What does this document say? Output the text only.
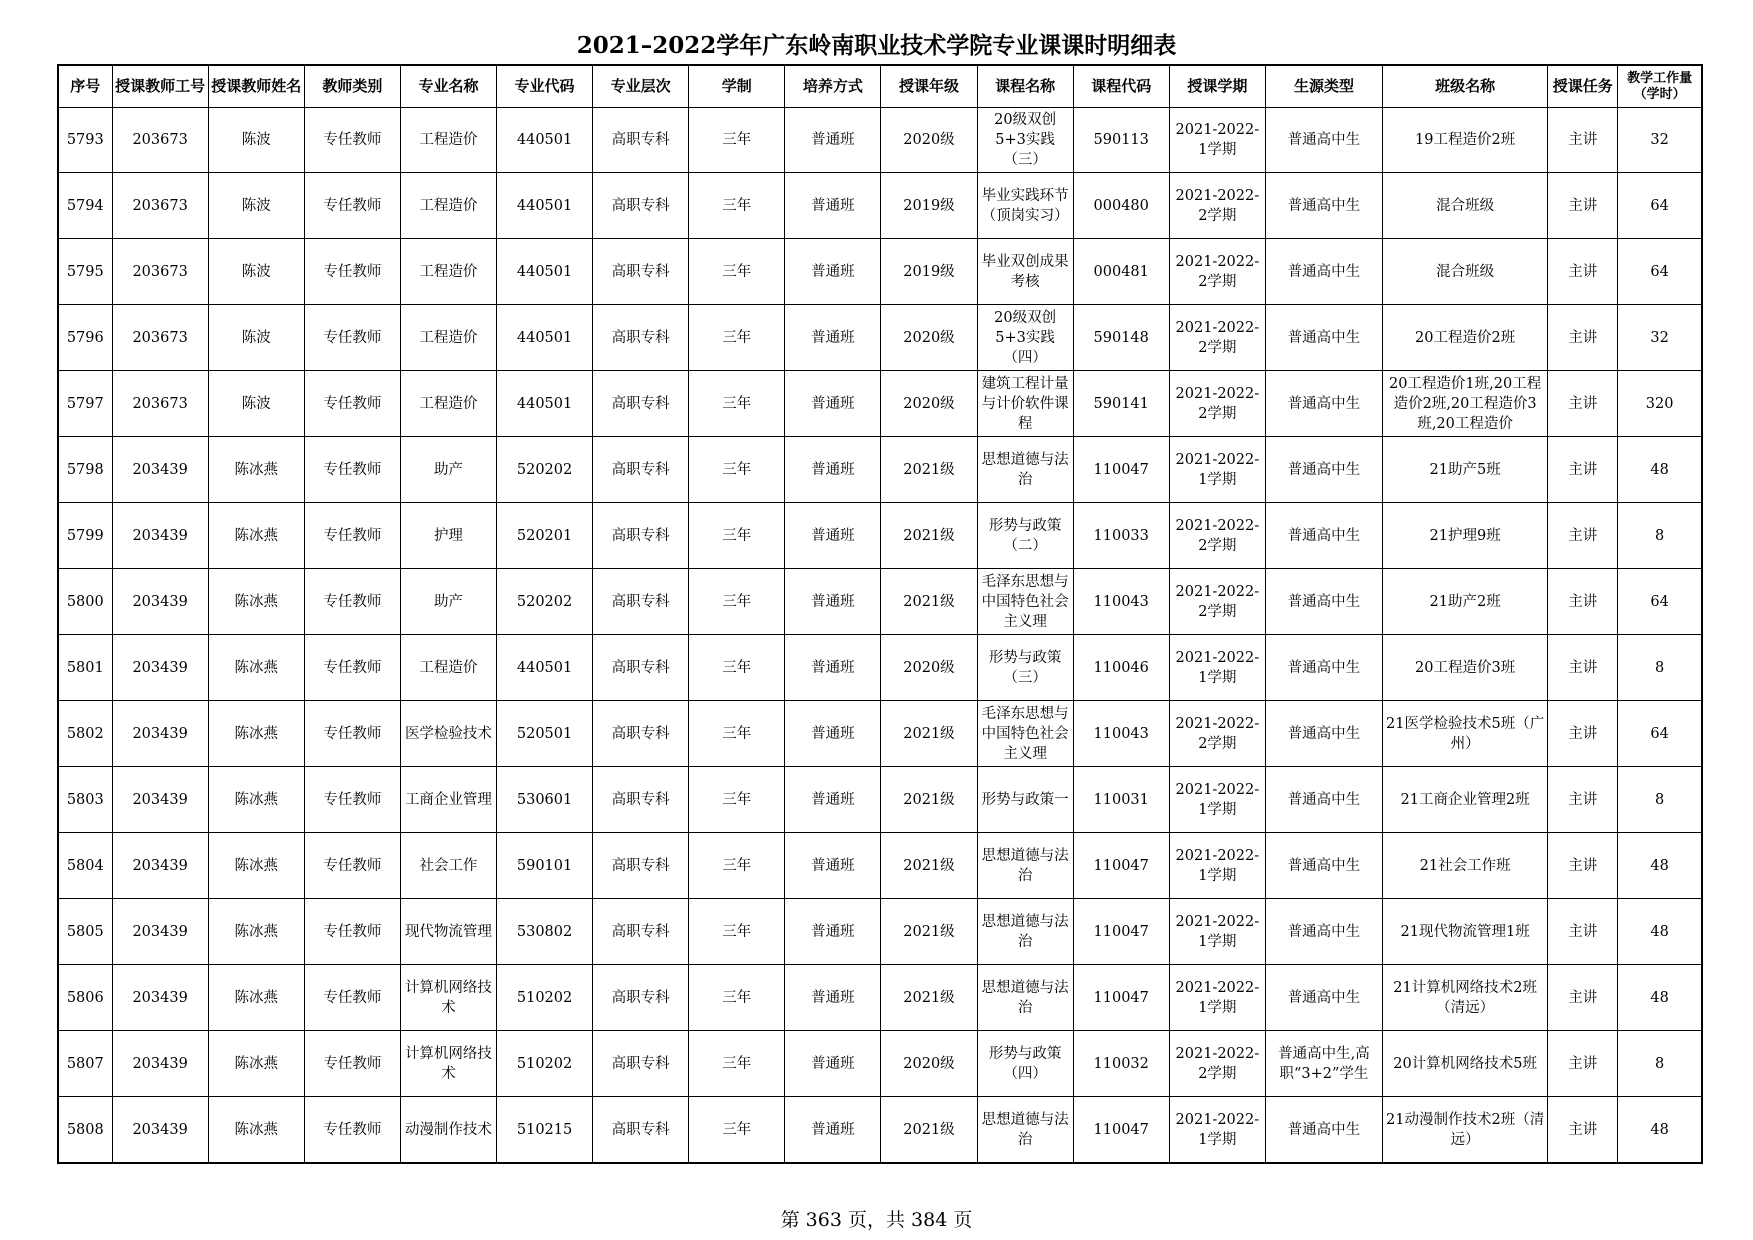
2021–2022学年广东岭南职业技术学院专业课课时明细表
序号	授课教师工号	授课教师姓名	教师类别	专业名称	专业代码	专业层次	学制	培养方式	授课年级	课程名称	课程代码	授课学期	生源类型	班级名称	授课任务	教学工作量（学时）

5793	203673	陈波	专任教师	工程造价	440501	高职专科	三年	普通班	2020级	20级双创5+3实践（三）	590113	2021-2022-1学期	普通高中生	19工程造价2班	主讲	32

5794	203673	陈波	专任教师	工程造价	440501	高职专科	三年	普通班	2019级	毕业实践环节（顶岗实习）	000480	2021-2022-2学期	普通高中生	混合班级	主讲	64

5795	203673	陈波	专任教师	工程造价	440501	高职专科	三年	普通班	2019级	毕业双创成果考核	000481	2021-2022-2学期	普通高中生	混合班级	主讲	64

5796	203673	陈波	专任教师	工程造价	440501	高职专科	三年	普通班	2020级	20级双创5+3实践（四）	590148	2021-2022-2学期	普通高中生	20工程造价2班	主讲	32

5797	203673	陈波	专任教师	工程造价	440501	高职专科	三年	普通班	2020级	建筑工程计量与计价软件课程	590141	2021-2022-2学期	普通高中生	20工程造价1班,20工程造价2班,20工程造价3班,20工程造价	主讲	320

5798	203439	陈冰燕	专任教师	助产	520202	高职专科	三年	普通班	2021级	思想道德与法治	110047	2021-2022-1学期	普通高中生	21助产5班	主讲	48

5799	203439	陈冰燕	专任教师	护理	520201	高职专科	三年	普通班	2021级	形势与政策（二）	110033	2021-2022-2学期	普通高中生	21护理9班	主讲	8

5800	203439	陈冰燕	专任教师	助产	520202	高职专科	三年	普通班	2021级	毛泽东思想与中国特色社会主义理	110043	2021-2022-2学期	普通高中生	21助产2班	主讲	64

5801	203439	陈冰燕	专任教师	工程造价	440501	高职专科	三年	普通班	2020级	形势与政策（三）	110046	2021-2022-1学期	普通高中生	20工程造价3班	主讲	8

5802	203439	陈冰燕	专任教师	医学检验技术	520501	高职专科	三年	普通班	2021级	毛泽东思想与中国特色社会主义理	110043	2021-2022-2学期	普通高中生	21医学检验技术5班（广州）	主讲	64

5803	203439	陈冰燕	专任教师	工商企业管理	530601	高职专科	三年	普通班	2021级	形势与政策一	110031	2021-2022-1学期	普通高中生	21工商企业管理2班	主讲	8

5804	203439	陈冰燕	专任教师	社会工作	590101	高职专科	三年	普通班	2021级	思想道德与法治	110047	2021-2022-1学期	普通高中生	21社会工作班	主讲	48

5805	203439	陈冰燕	专任教师	现代物流管理	530802	高职专科	三年	普通班	2021级	思想道德与法治	110047	2021-2022-1学期	普通高中生	21现代物流管理1班	主讲	48

5806	203439	陈冰燕	专任教师	计算机网络技术	510202	高职专科	三年	普通班	2021级	思想道德与法治	110047	2021-2022-1学期	普通高中生	21计算机网络技术2班（清远）	主讲	48

5807	203439	陈冰燕	专任教师	计算机网络技术	510202	高职专科	三年	普通班	2020级	形势与政策（四）	110032	2021-2022-2学期	普通高中生,高职“3+2”学生	20计算机网络技术5班	主讲	8

5808	203439	陈冰燕	专任教师	动漫制作技术	510215	高职专科	三年	普通班	2021级	思想道德与法治	110047	2021-2022-1学期	普通高中生	21动漫制作技术2班（清远）	主讲	48
第 363 页，共 384 页
